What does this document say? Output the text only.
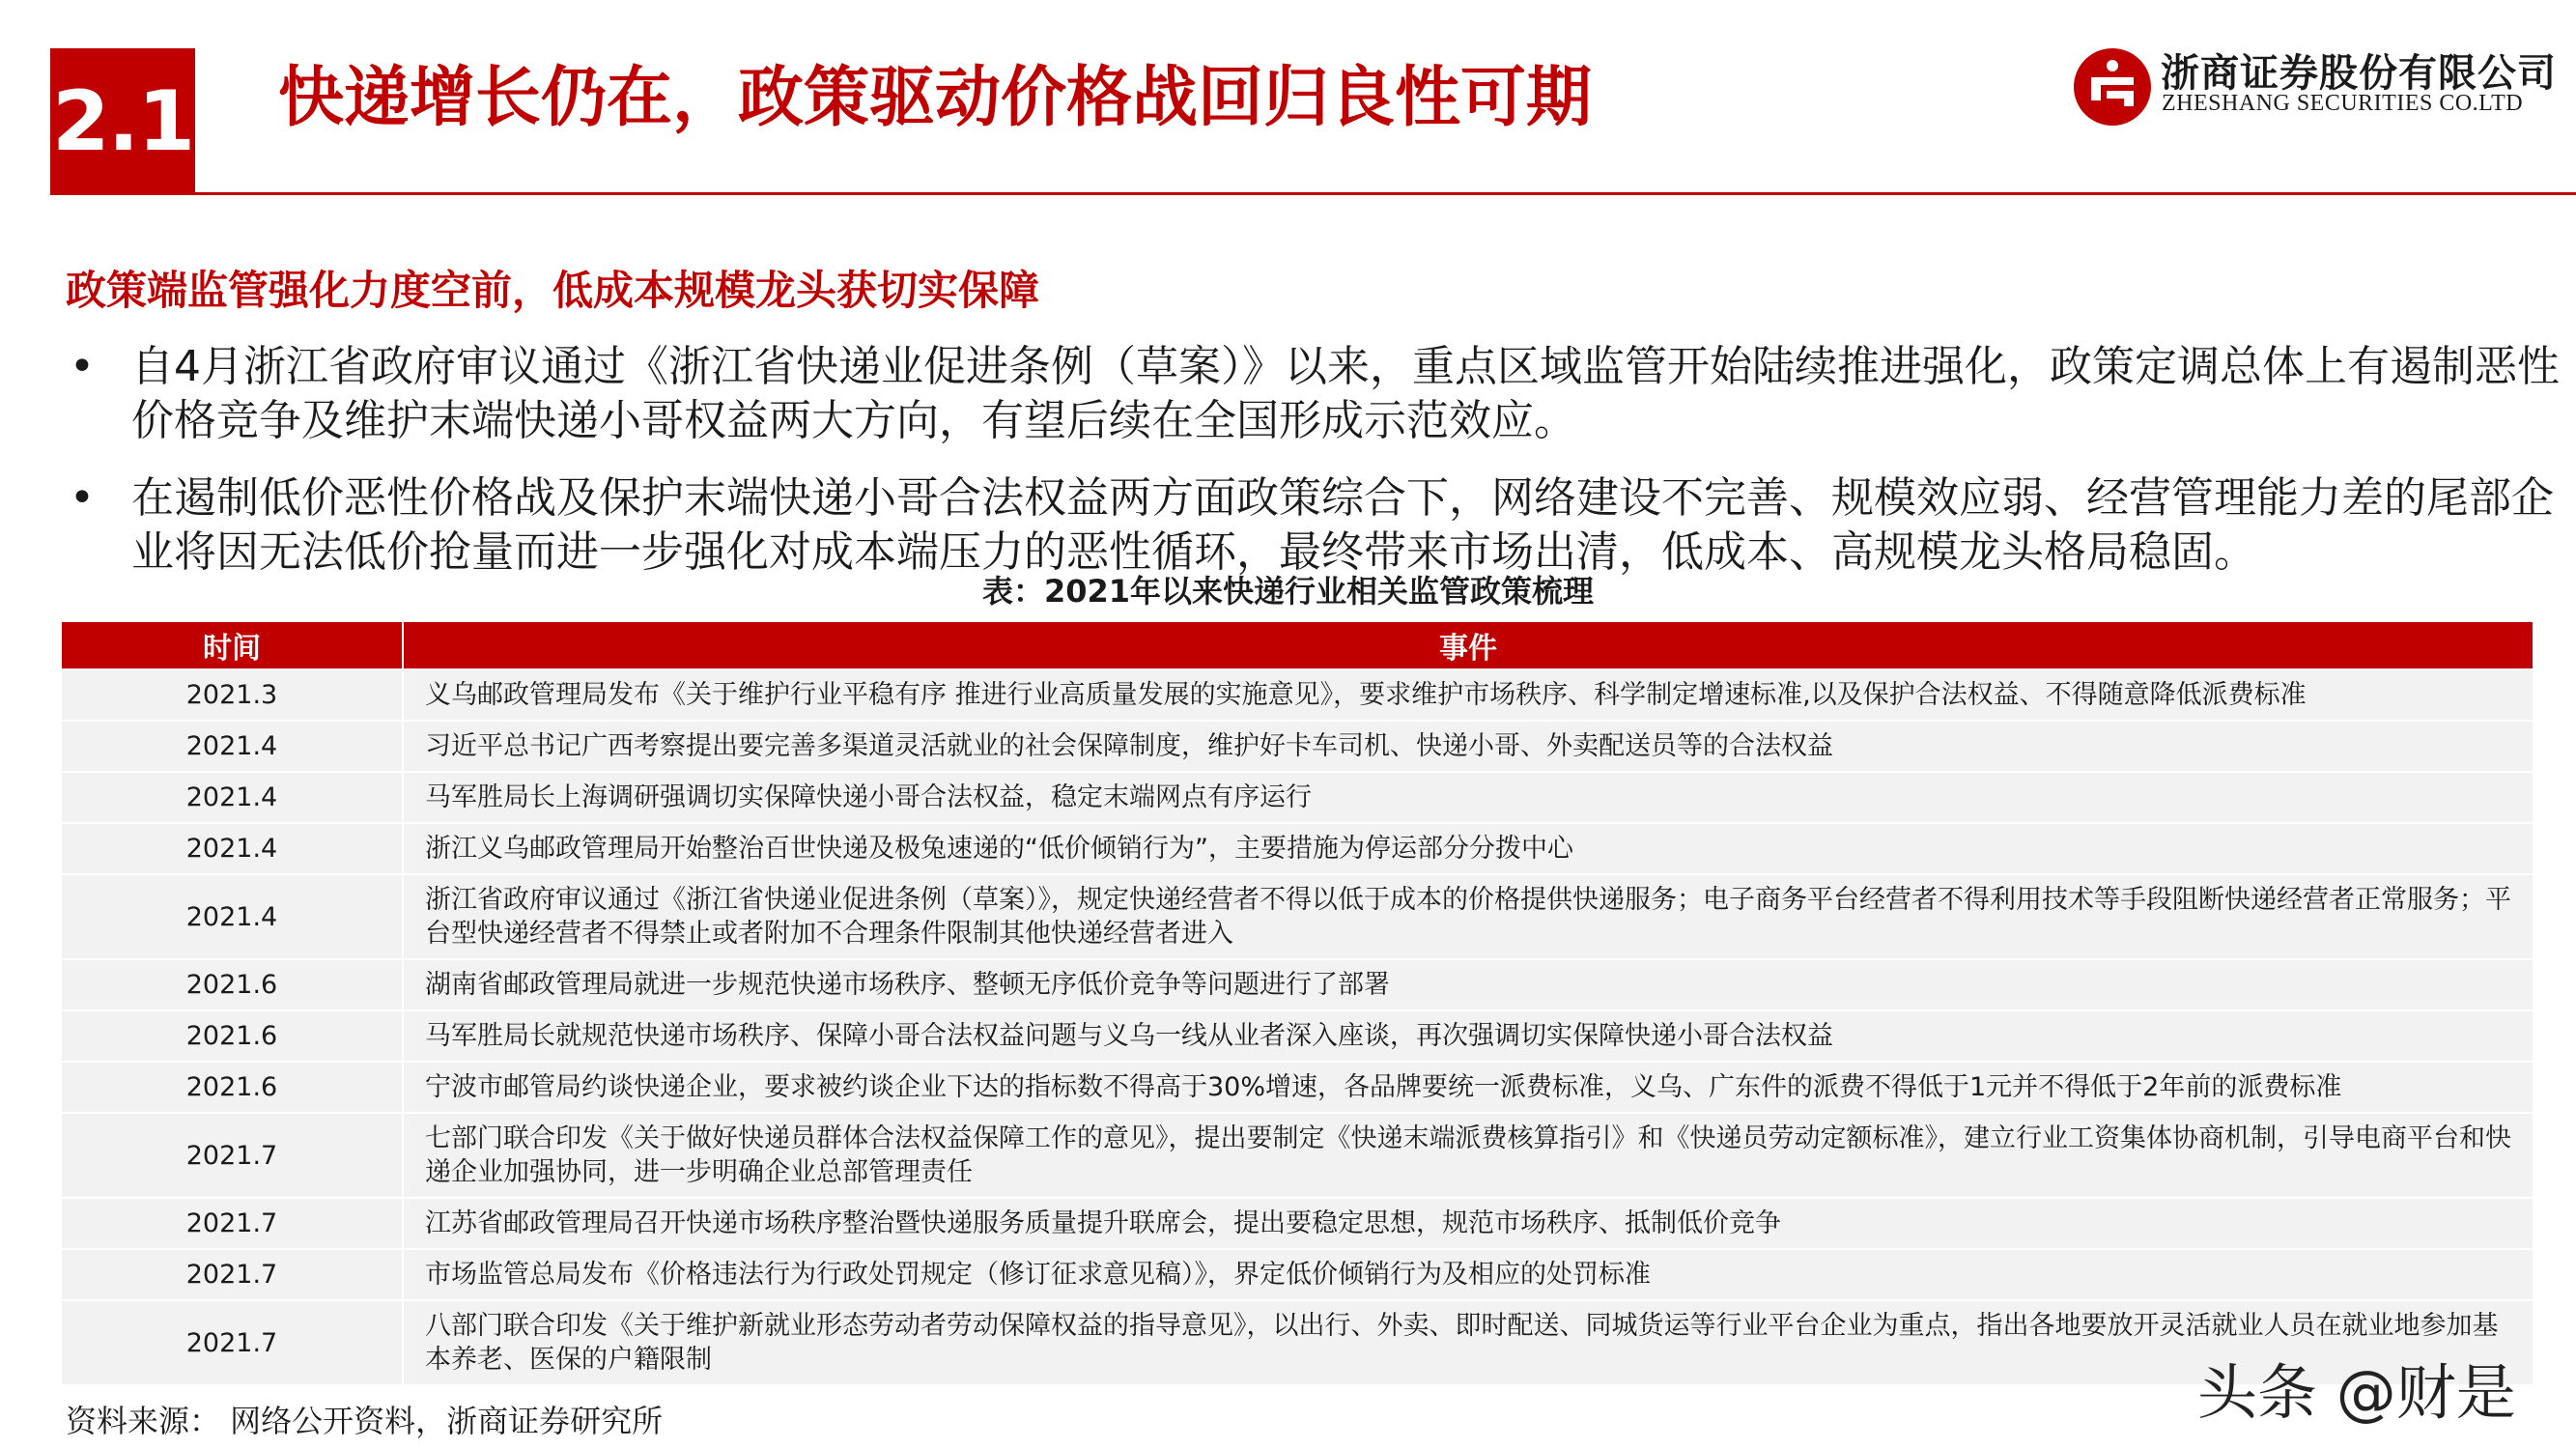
2.1 快递增长仍在，政策驱动价格战回归良性可期	浙商证券股份有限公司
ZHESHANG SECURITIES CO.LTD
政策端监管强化力度空前，低成本规模龙头获切实保障
• 自4月浙江省政府审议通过《浙江省快递业促进条例（草案）》以来，重点区域监管开始陆续推进强化，政策定调总体上有遏制恶性价格竞争及维护末端快递小哥权益两大方向，有望后续在全国形成示范效应。
• 在遏制低价恶性价格战及保护末端快递小哥合法权益两方面政策综合下，网络建设不完善、规模效应弱、经营管理能力差的尾部企业将因无法低价抢量而进一步强化对成本端压力的恶性循环，最终带来市场出清，低成本、高规模龙头格局稳固。
表：2021年以来快递行业相关监管政策梳理
时间	事件
2021.3	义乌邮政管理局发布《关于维护行业平稳有序 推进行业高质量发展的实施意见》，要求维护市场秩序、科学制定增速标准,以及保护合法权益、不得随意降低派费标准
2021.4	习近平总书记广西考察提出要完善多渠道灵活就业的社会保障制度，维护好卡车司机、快递小哥、外卖配送员等的合法权益
2021.4	马军胜局长上海调研强调切实保障快递小哥合法权益，稳定末端网点有序运行
2021.4	浙江义乌邮政管理局开始整治百世快递及极兔速递的“低价倾销行为”，主要措施为停运部分分拨中心
2021.4	浙江省政府审议通过《浙江省快递业促进条例（草案）》，规定快递经营者不得以低于成本的价格提供快递服务；电子商务平台经营者不得利用技术等手段阻断快递经营者正常服务；平台型快递经营者不得禁止或者附加不合理条件限制其他快递经营者进入
2021.6	湖南省邮政管理局就进一步规范快递市场秩序、整顿无序低价竞争等问题进行了部署
2021.6	马军胜局长就规范快递市场秩序、保障小哥合法权益问题与义乌一线从业者深入座谈，再次强调切实保障快递小哥合法权益
2021.6	宁波市邮管局约谈快递企业，要求被约谈企业下达的指标数不得高于30%增速，各品牌要统一派费标准，义乌、广东件的派费不得低于1元并不得低于2年前的派费标准
2021.7	七部门联合印发《关于做好快递员群体合法权益保障工作的意见》，提出要制定《快递末端派费核算指引》和《快递员劳动定额标准》，建立行业工资集体协商机制，引导电商平台和快递企业加强协同，进一步明确企业总部管理责任
2021.7	江苏省邮政管理局召开快递市场秩序整治暨快递服务质量提升联席会，提出要稳定思想，规范市场秩序、抵制低价竞争
2021.7	市场监管总局发布《价格违法行为行政处罚规定（修订征求意见稿）》，界定低价倾销行为及相应的处罚标准
2021.7	八部门联合印发《关于维护新就业形态劳动者劳动保障权益的指导意见》，以出行、外卖、即时配送、同城货运等行业平台企业为重点，指出各地要放开灵活就业人员在就业地参加基本养老、医保的户籍限制
资料来源： 网络公开资料，浙商证券研究所	头条 @财是
